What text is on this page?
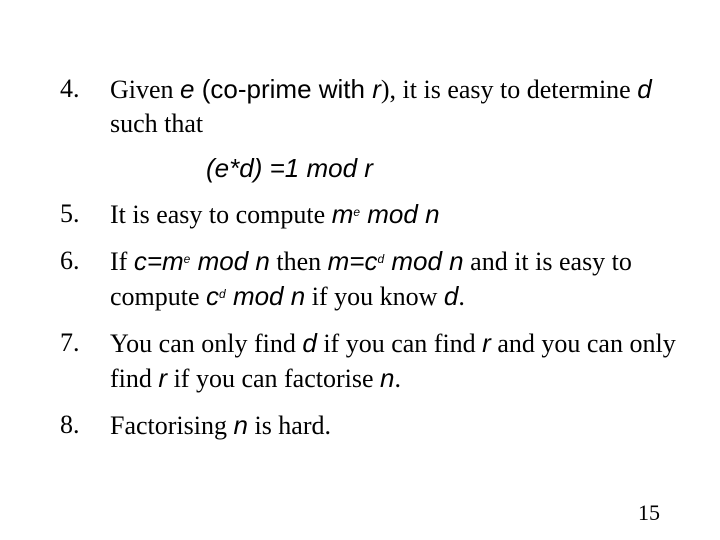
4. Given e (co-prime with r), it is easy to determine d such that
(e*d) =1 mod r
5. It is easy to compute $m^e$ mod n
6. If $c=m^e$ mod n then $m=c^d$ mod n and it is easy to compute $c^d$ mod n if you know d.
7. You can only find d if you can find r and you can only find r if you can factorise n.
8. Factorising n is hard.
15
